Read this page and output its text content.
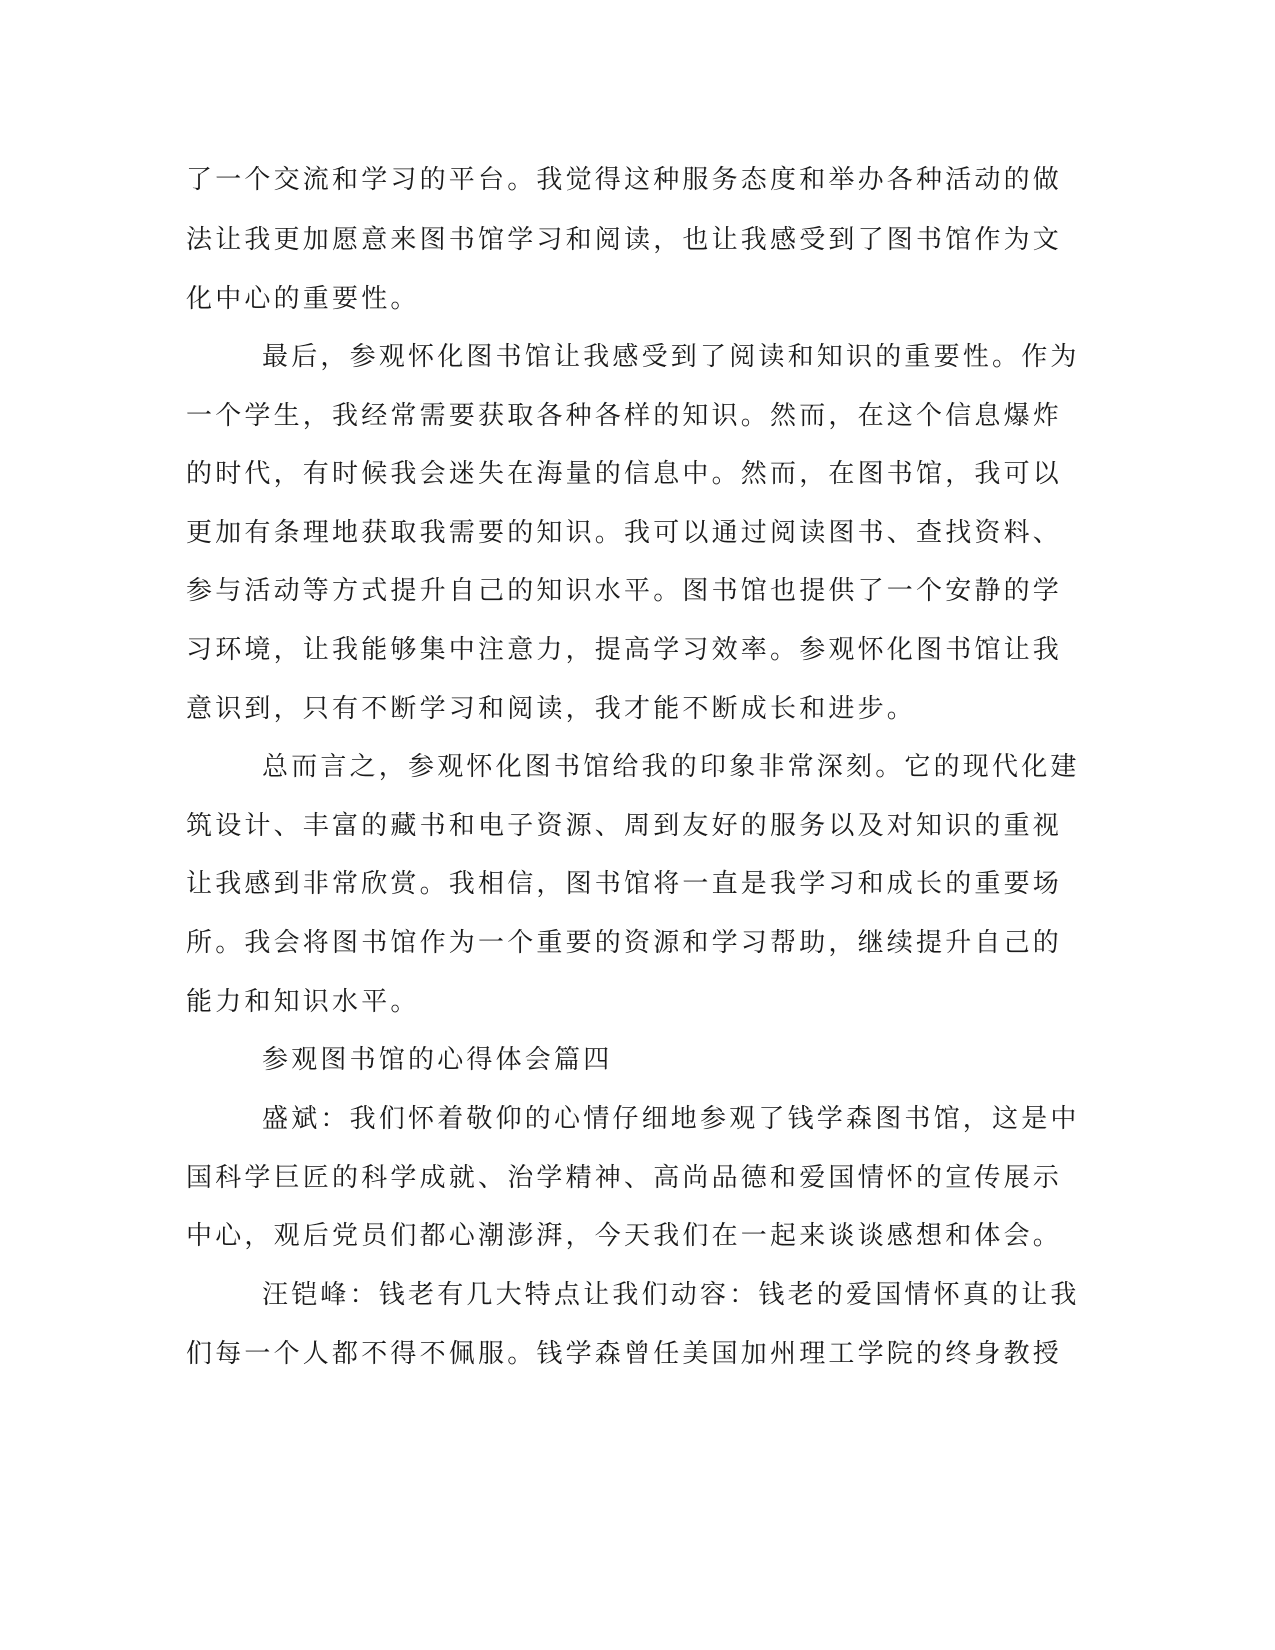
了一个交流和学习的平台。我觉得这种服务态度和举办各种活动的做
法让我更加愿意来图书馆学习和阅读，也让我感受到了图书馆作为文
化中心的重要性。
最后，参观怀化图书馆让我感受到了阅读和知识的重要性。作为
一个学生，我经常需要获取各种各样的知识。然而，在这个信息爆炸
的时代，有时候我会迷失在海量的信息中。然而，在图书馆，我可以
更加有条理地获取我需要的知识。我可以通过阅读图书、查找资料、
参与活动等方式提升自己的知识水平。图书馆也提供了一个安静的学
习环境，让我能够集中注意力，提高学习效率。参观怀化图书馆让我
意识到，只有不断学习和阅读，我才能不断成长和进步。
总而言之，参观怀化图书馆给我的印象非常深刻。它的现代化建
筑设计、丰富的藏书和电子资源、周到友好的服务以及对知识的重视
让我感到非常欣赏。我相信，图书馆将一直是我学习和成长的重要场
所。我会将图书馆作为一个重要的资源和学习帮助，继续提升自己的
能力和知识水平。
参观图书馆的心得体会篇四
盛斌：我们怀着敬仰的心情仔细地参观了钱学森图书馆，这是中
国科学巨匠的科学成就、治学精神、高尚品德和爱国情怀的宣传展示
中心，观后党员们都心潮澎湃，今天我们在一起来谈谈感想和体会。
汪铠峰：钱老有几大特点让我们动容：钱老的爱国情怀真的让我
们每一个人都不得不佩服。钱学森曾任美国加州理工学院的终身教授
